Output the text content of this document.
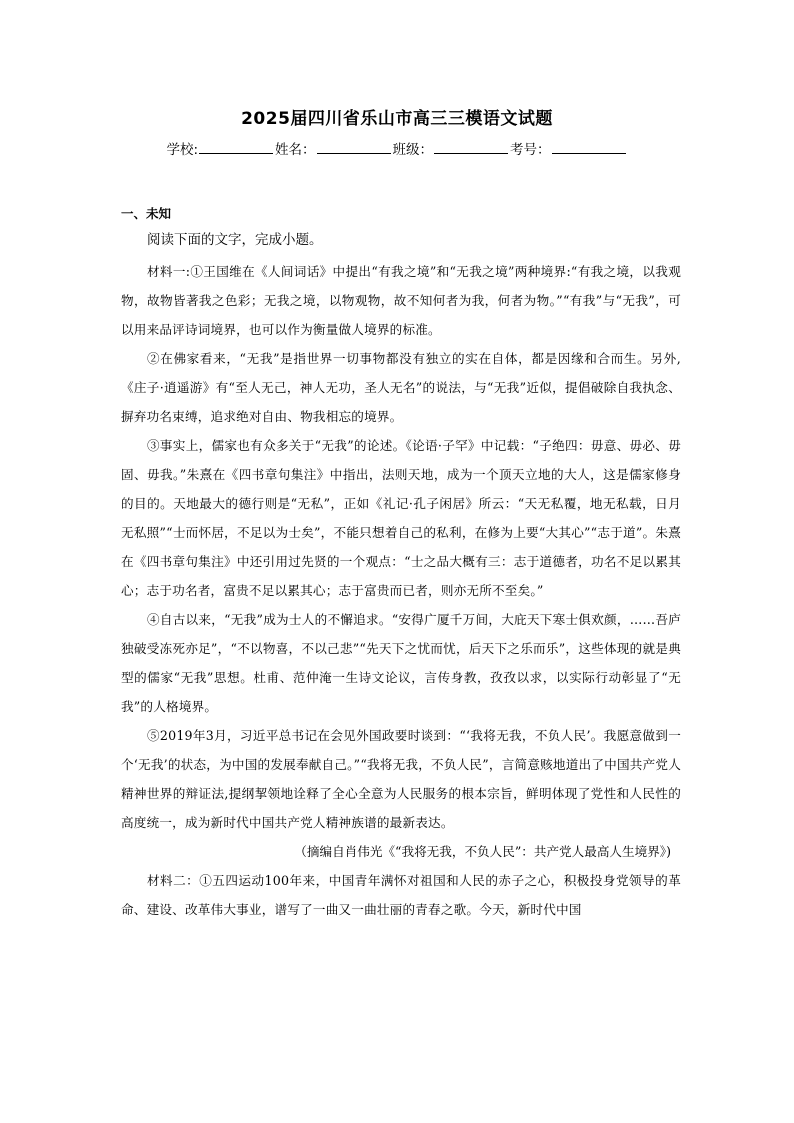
2025届四川省乐山市高三三模语文试题
学校:	姓名：	班级：	考号：
一、未知
阅读下面的文字，完成小题。

材料一:①王国维在《人间词话》中提出“有我之境”和“无我之境”两种境界:“有我之境，以我观物，故物皆著我之色彩；无我之境，以物观物，故不知何者为我，何者为物。”“有我”与“无我”，可以用来品评诗词境界，也可以作为衡量做人境界的标准。

②在佛家看来，“无我”是指世界一切事物都没有独立的实在自体，都是因缘和合而生。另外,《庄子·逍遥游》有“至人无己，神人无功，圣人无名”的说法，与“无我”近似，提倡破除自我执念、摒弃功名束缚，追求绝对自由、物我相忘的境界。

③事实上，儒家也有众多关于“无我”的论述。《论语·子罕》中记载：“子绝四：毋意、毋必、毋固、毋我。”朱熹在《四书章句集注》中指出，法则天地，成为一个顶天立地的大人，这是儒家修身的目的。天地最大的德行则是“无私”，正如《礼记·孔子闲居》所云：“天无私覆，地无私载，日月无私照”“士而怀居，不足以为士矣”，不能只想着自己的私利，在修为上要“大其心”“志于道”。朱熹在《四书章句集注》中还引用过先贤的一个观点：“士之品大概有三：志于道德者，功名不足以累其心；志于功名者，富贵不足以累其心；志于富贵而已者，则亦无所不至矣。”

④自古以来，“无我”成为士人的不懈追求。“安得广厦千万间，大庇天下寒士俱欢颜，……吾庐独破受冻死亦足”，“不以物喜，不以己悲”“先天下之忧而忧，后天下之乐而乐”，这些体现的就是典型的儒家“无我”思想。杜甫、范仲淹一生诗文论议，言传身教，孜孜以求，以实际行动彰显了“无我”的人格境界。

⑤2019年3月，习近平总书记在会见外国政要时谈到：“‘我将无我，不负人民’。我愿意做到一个‘无我’的状态，为中国的发展奉献自己。”“我将无我，不负人民”，言简意赅地道出了中国共产党人精神世界的辩证法,提纲挈领地诠释了全心全意为人民服务的根本宗旨，鲜明体现了党性和人民性的高度统一，成为新时代中国共产党人精神族谱的最新表达。

（摘编自肖伟光《“我将无我，不负人民”：共产党人最高人生境界》)

材料二：①五四运动100年来，中国青年满怀对祖国和人民的赤子之心，积极投身党领导的革命、建设、改革伟大事业，谱写了一曲又一曲壮丽的青春之歌。今天，新时代中国
